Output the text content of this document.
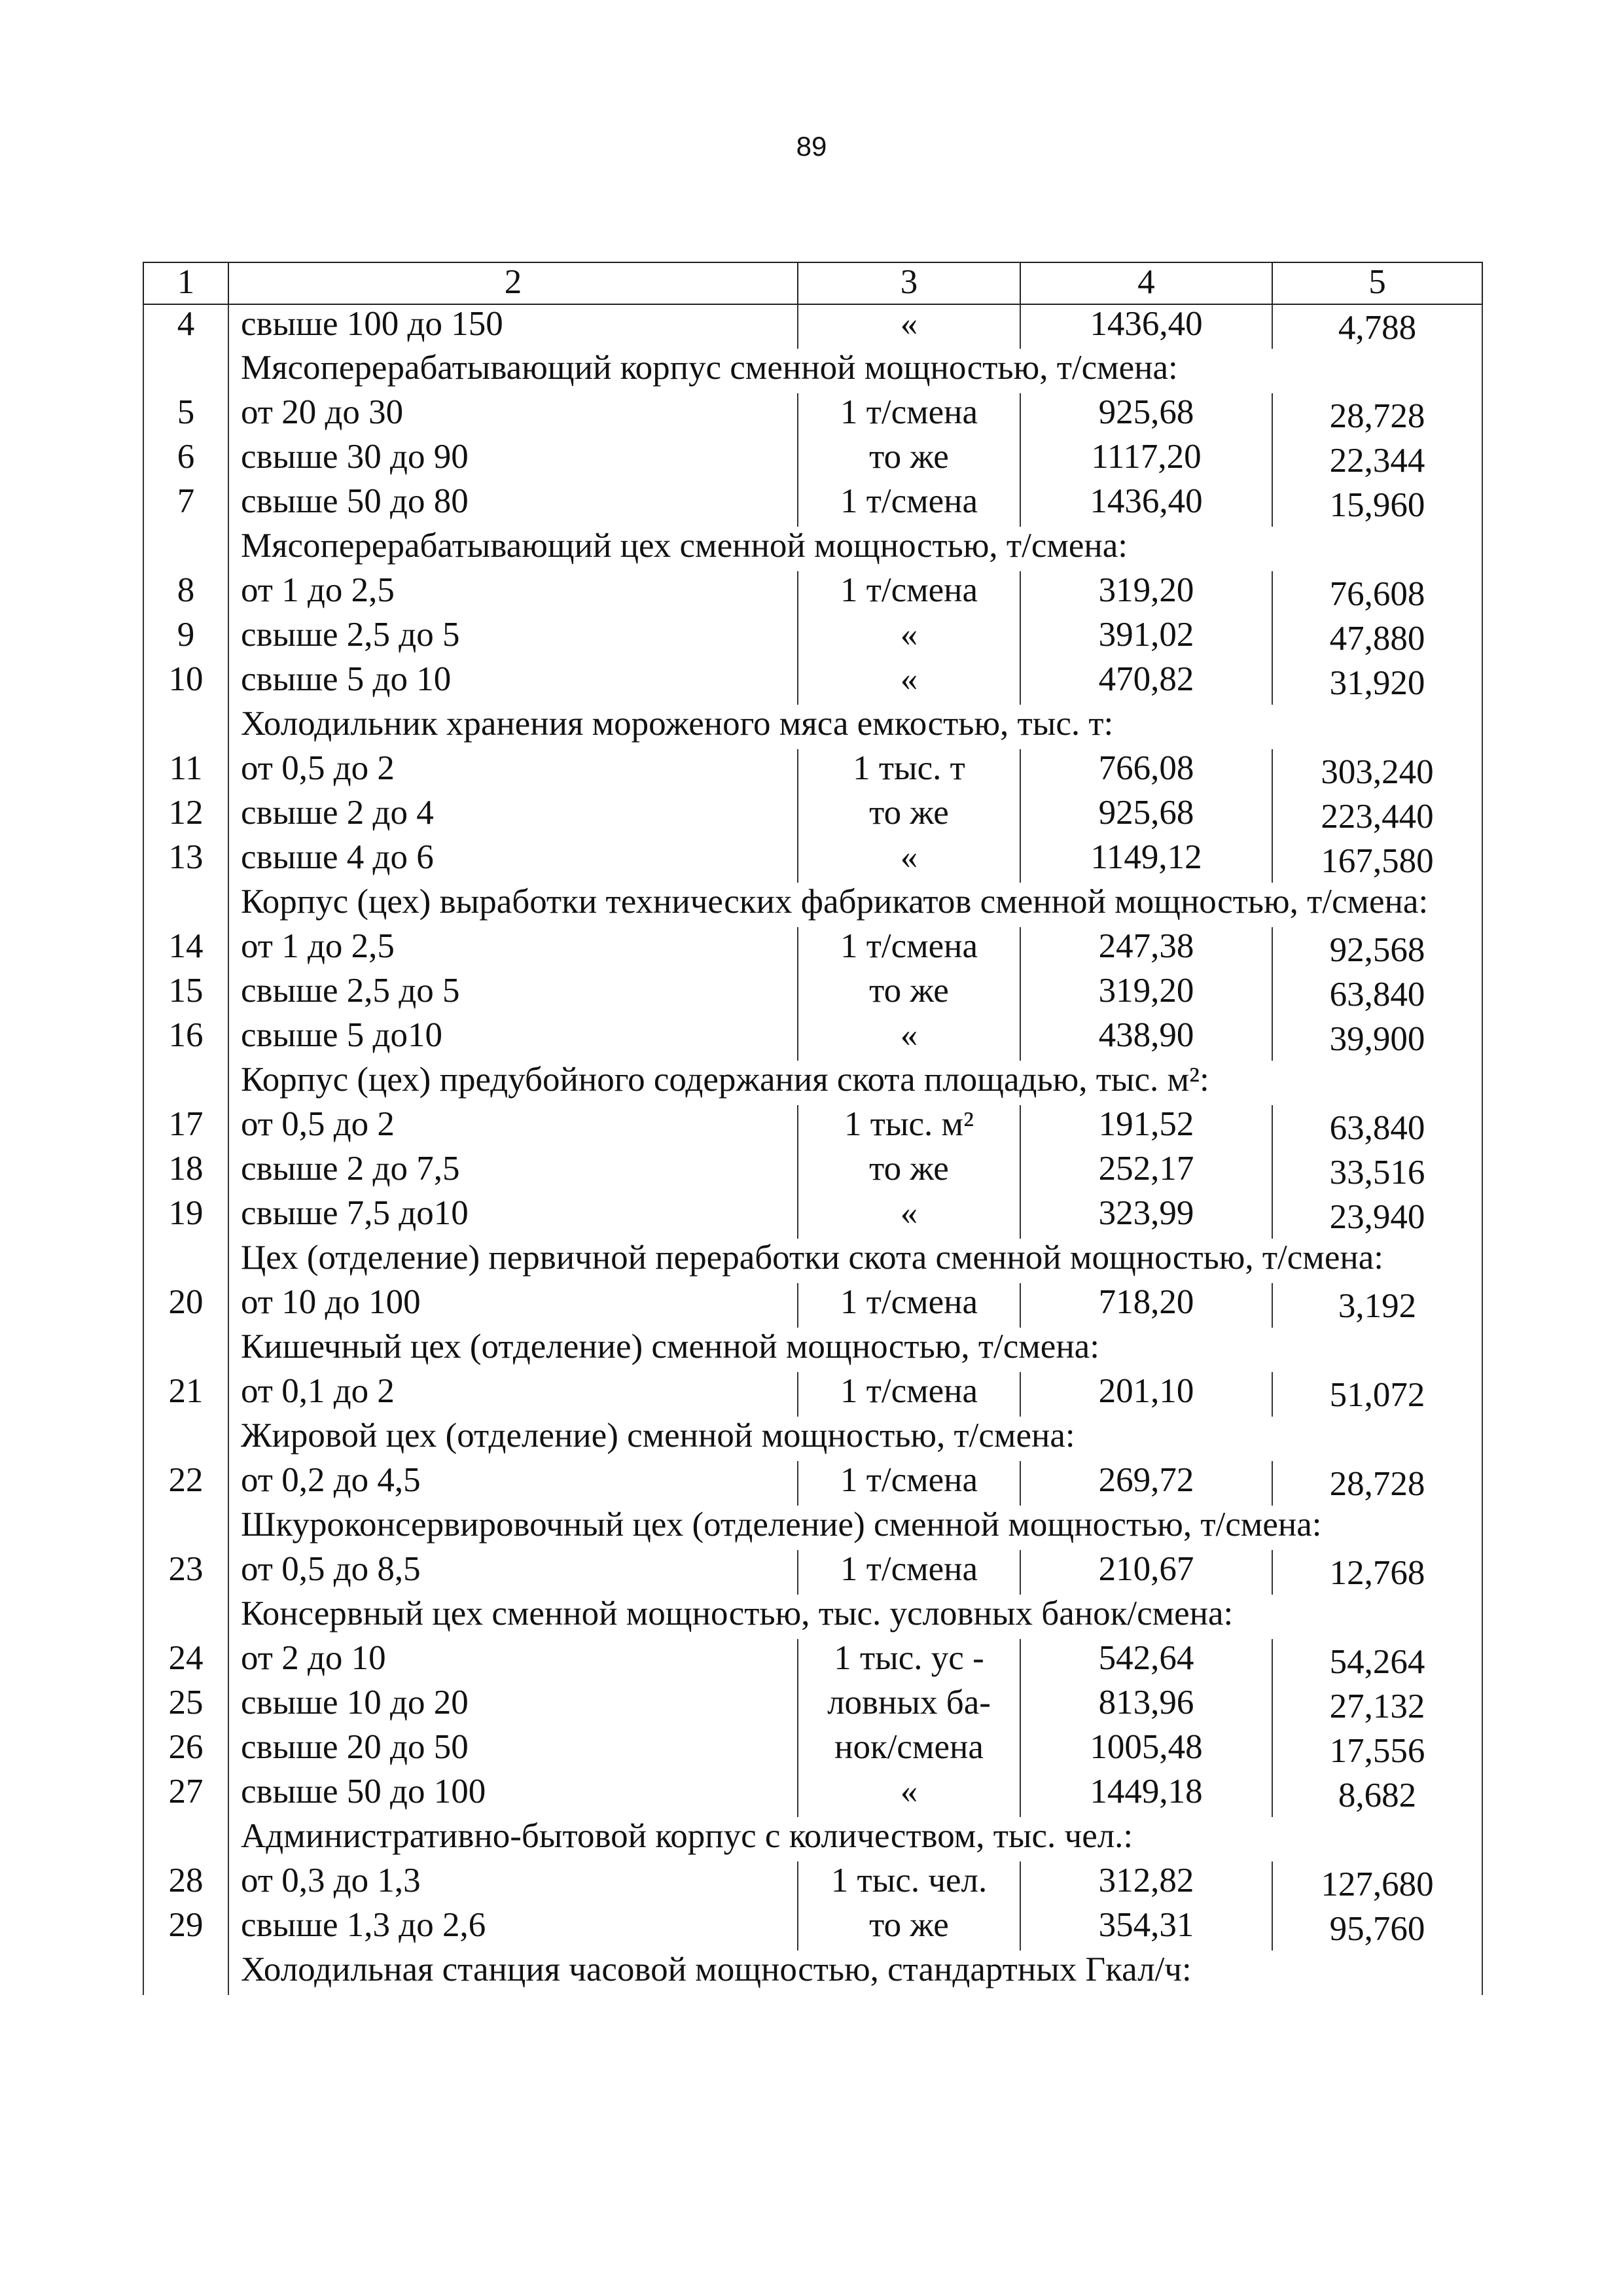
89
1	2	3	4	5
4	свыше 100 до 150	«	1436,40	4,788
	Мясоперерабатывающий корпус сменной мощностью, т/смена:			
5	от 20 до 30	1 т/смена	925,68	28,728
6	свыше 30 до 90	то же	1117,20	22,344
7	свыше 50 до 80	1 т/смена	1436,40	15,960
	Мясоперерабатывающий цех сменной мощностью, т/смена:			
8	от 1 до 2,5	1 т/смена	319,20	76,608
9	свыше 2,5 до 5	«	391,02	47,880
10	свыше 5 до 10	«	470,82	31,920
	Холодильник хранения мороженого мяса емкостью, тыс. т:			
11	от 0,5 до 2	1 тыс. т	766,08	303,240
12	свыше 2 до 4	то же	925,68	223,440
13	свыше 4 до 6	«	1149,12	167,580
	Корпус (цех) выработки технических фабрикатов сменной мощностью, т/смена:			
14	от 1 до 2,5	1 т/смена	247,38	92,568
15	свыше 2,5 до 5	то же	319,20	63,840
16	свыше 5 до10	«	438,90	39,900
	Корпус (цех) предубойного содержания скота площадью, тыс. м²:			
17	от 0,5 до 2	1 тыс. м²	191,52	63,840
18	свыше 2 до 7,5	то же	252,17	33,516
19	свыше 7,5 до10	«	323,99	23,940
	Цех (отделение) первичной переработки скота сменной мощностью, т/смена:			
20	от 10 до 100	1 т/смена	718,20	3,192
	Кишечный цех (отделение) сменной мощностью, т/смена:			
21	от 0,1 до 2	1 т/смена	201,10	51,072
	Жировой цех (отделение) сменной мощностью, т/смена:			
22	от 0,2 до 4,5	1 т/смена	269,72	28,728
	Шкуроконсервировочный цех (отделение) сменной мощностью, т/смена:			
23	от 0,5 до 8,5	1 т/смена	210,67	12,768
	Консервный цех сменной мощностью, тыс. условных банок/смена:			
24	от 2 до 10	1 тыс. ус -	542,64	54,264
25	свыше 10 до 20	ловных ба-	813,96	27,132
26	свыше 20 до 50	нок/смена	1005,48	17,556
27	свыше 50 до 100	«	1449,18	8,682
	Административно-бытовой корпус с количеством, тыс. чел.:			
28	от 0,3 до 1,3	1 тыс. чел.	312,82	127,680
29	свыше 1,3 до 2,6	то же	354,31	95,760
	Холодильная станция часовой мощностью, стандартных Гкал/ч:			
